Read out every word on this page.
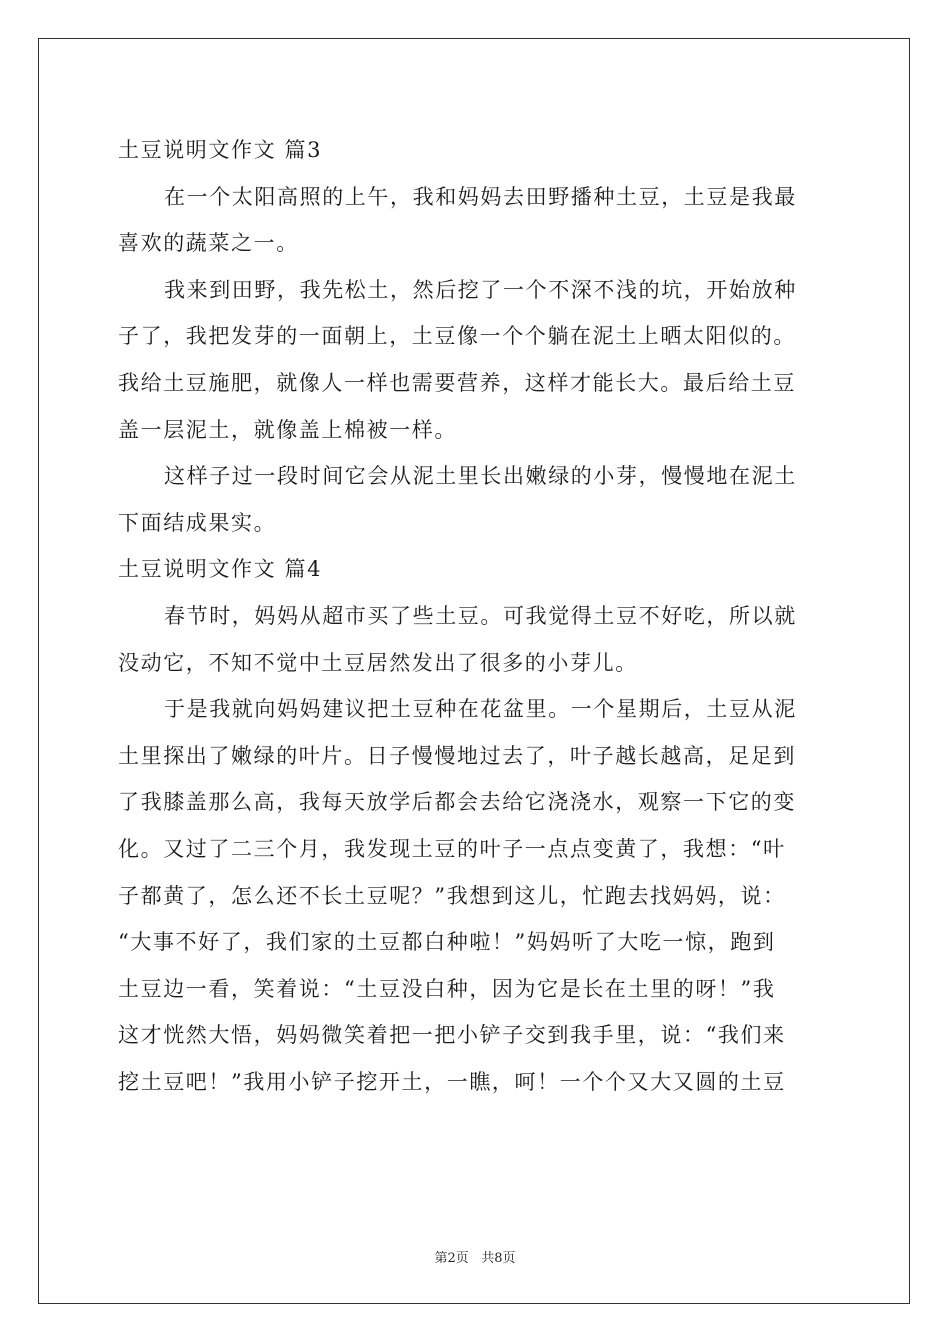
土豆说明文作文 篇3
在一个太阳高照的上午，我和妈妈去田野播种土豆，土豆是我最
喜欢的蔬菜之一。
我来到田野，我先松土，然后挖了一个不深不浅的坑，开始放种
子了，我把发芽的一面朝上，土豆像一个个躺在泥土上晒太阳似的。
我给土豆施肥，就像人一样也需要营养，这样才能长大。最后给土豆
盖一层泥土，就像盖上棉被一样。
这样子过一段时间它会从泥土里长出嫩绿的小芽，慢慢地在泥土
下面结成果实。
土豆说明文作文 篇4
春节时，妈妈从超市买了些土豆。可我觉得土豆不好吃，所以就
没动它，不知不觉中土豆居然发出了很多的小芽儿。
于是我就向妈妈建议把土豆种在花盆里。一个星期后，土豆从泥
土里探出了嫩绿的叶片。日子慢慢地过去了，叶子越长越高，足足到
了我膝盖那么高，我每天放学后都会去给它浇浇水，观察一下它的变
化。又过了二三个月，我发现土豆的叶子一点点变黄了，我想：“叶
子都黄了，怎么还不长土豆呢？”我想到这儿，忙跑去找妈妈，说：
“大事不好了，我们家的土豆都白种啦！”妈妈听了大吃一惊，跑到
土豆边一看，笑着说：“土豆没白种，因为它是长在土里的呀！”我
这才恍然大悟，妈妈微笑着把一把小铲子交到我手里，说：“我们来
挖土豆吧！”我用小铲子挖开土，一瞧，呵！一个个又大又圆的土豆
第2页 共8页
